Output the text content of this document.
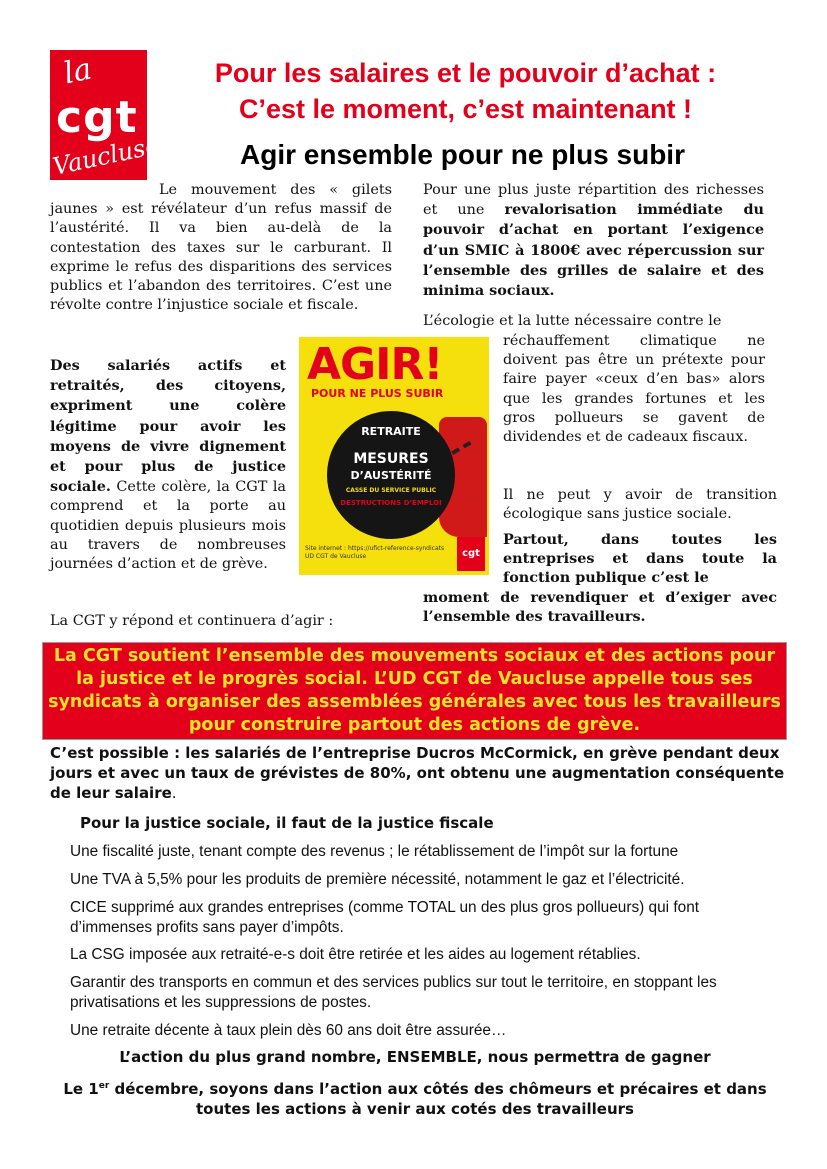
la
cgt
Vaucluse
Pour les salaires et le pouvoir d’achat :
C’est le moment, c’est maintenant !
Agir ensemble pour ne plus subir
Le mouvement des « gilets jaunes » est révélateur d’un refus massif de l’austérité. Il va bien au-delà de la contestation des taxes sur le carburant. Il exprime le refus des disparitions des services publics et l’abandon des territoires. C’est une révolte contre l’injustice sociale et fiscale.
Des salariés actifs et retraités, des citoyens, expriment une colère légitime pour avoir les moyens de vivre dignement et pour plus de justice sociale. Cette colère, la CGT la comprend et la porte au quotidien depuis plusieurs mois au travers de nombreuses journées d’action et de grève.
La CGT y répond et continuera d’agir :
Pour une plus juste répartition des richesses et une revalorisation immédiate du pouvoir d’achat en portant l’exigence d’un SMIC à 1800€ avec répercussion sur l’ensemble des grilles de salaire et des minima sociaux.
L’écologie et la lutte nécessaire contre le
réchauffement climatique ne doivent pas être un prétexte pour faire payer «ceux d’en bas» alors que les grandes fortunes et les gros pollueurs se gavent de dividendes et de cadeaux fiscaux.
Il ne peut y avoir de transition écologique sans justice sociale.
Partout, dans toutes les entreprises et dans toute la fonction publique c’est le
moment de revendiquer et d’exiger avec l’ensemble des travailleurs.
AGIR!
POUR NE PLUS SUBIR
RETRAITE
MESURES
D’AUSTÉRITÉ
CASSE DU SERVICE PUBLIC
DESTRUCTIONS D’EMPLOI
cgt
Site internet : https://ufict-reference-syndicats
UD CGT de Vaucluse
La CGT soutient l’ensemble des mouvements sociaux et des actions pour la justice et le progrès social. L’UD CGT de Vaucluse appelle tous ses syndicats à organiser des assemblées générales avec tous les travailleurs pour construire partout des actions de grève.
C’est possible : les salariés de l’entreprise Ducros McCormick, en grève pendant deux jours et avec un taux de grévistes de 80%, ont obtenu une augmentation conséquente de leur salaire.
Pour la justice sociale, il faut de la justice fiscale
Une fiscalité juste, tenant compte des revenus ; le rétablissement de l’impôt sur la fortune
Une TVA à 5,5% pour les produits de première nécessité, notamment le gaz et l’électricité.
CICE supprimé aux grandes entreprises (comme TOTAL un des plus gros pollueurs) qui font d’immenses profits sans payer d’impôts.
La CSG imposée aux retraité-e-s doit être retirée et les aides au logement rétablies.
Garantir des transports en commun et des services publics sur tout le territoire, en stoppant les privatisations et les suppressions de postes.
Une retraite décente à taux plein dès 60 ans doit être assurée…
L’action du plus grand nombre, ENSEMBLE, nous permettra de gagner
Le 1er décembre, soyons dans l’action aux côtés des chômeurs et précaires et dans toutes les actions à venir aux cotés des travailleurs
